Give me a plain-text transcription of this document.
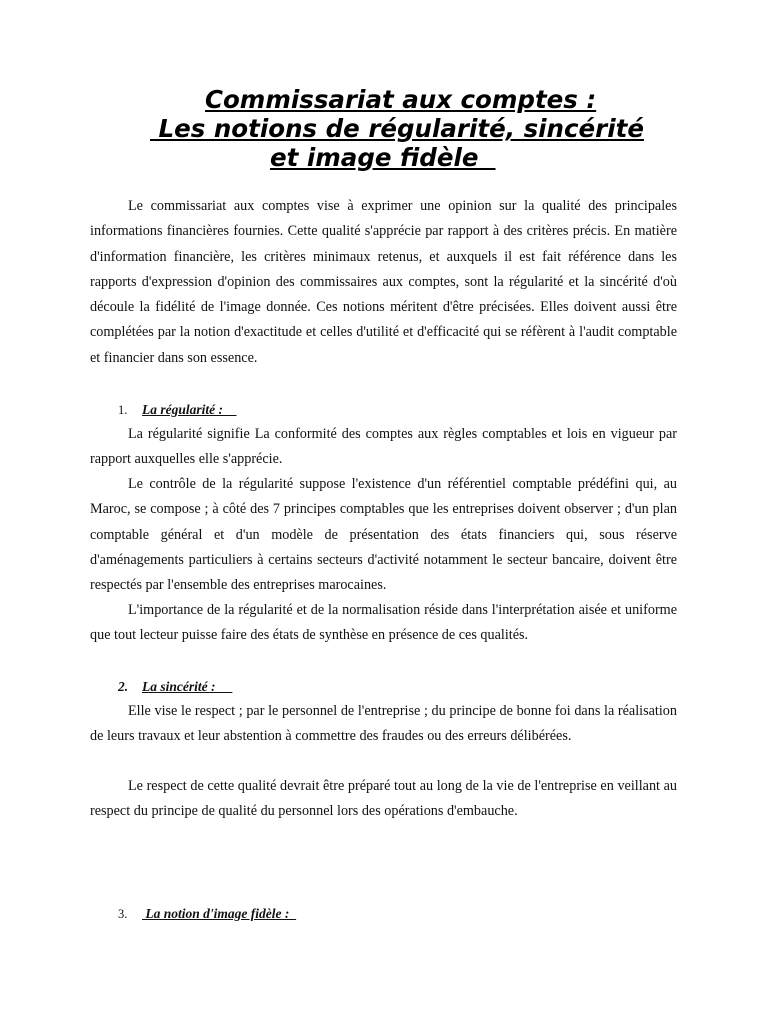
Commissariat aux comptes :
Les notions de régularité, sincérité
et image fidèle

Le commissariat aux comptes vise à exprimer une opinion sur la qualité des principales informations financières fournies. Cette qualité s'apprécie par rapport à des critères précis. En matière d'information financière, les critères minimaux retenus, et auxquels il est fait référence dans les rapports d'expression d'opinion des commissaires aux comptes, sont la régularité et la sincérité d'où découle la fidélité de l'image donnée. Ces notions méritent d'être précisées. Elles doivent aussi être complétées par la notion d'exactitude et celles d'utilité et d'efficacité qui se réfèrent à l'audit comptable et financier dans son essence.

1. La régularité :

La régularité signifie La conformité des comptes aux règles comptables et lois en vigueur par rapport auxquelles elle s'apprécie.

Le contrôle de la régularité suppose l'existence d'un référentiel comptable prédéfini qui, au Maroc, se compose ; à côté des 7 principes comptables que les entreprises doivent observer ; d'un plan comptable général et d'un modèle de présentation des états financiers qui, sous réserve d'aménagements particuliers à certains secteurs d'activité notamment le secteur bancaire, doivent être respectés par l'ensemble des entreprises marocaines.

L'importance de la régularité et de la normalisation réside dans l'interprétation aisée et uniforme que tout lecteur puisse faire des états de synthèse en présence de ces qualités.

2. La sincérité :

Elle vise le respect ; par le personnel de l'entreprise ; du principe de bonne foi dans la réalisation de leurs travaux et leur abstention à commettre des fraudes ou des erreurs délibérées.

Le respect de cette qualité devrait être préparé tout au long de la vie de l'entreprise en veillant au respect du principe de qualité du personnel lors des opérations d'embauche.

3. La notion d'image fidèle :
